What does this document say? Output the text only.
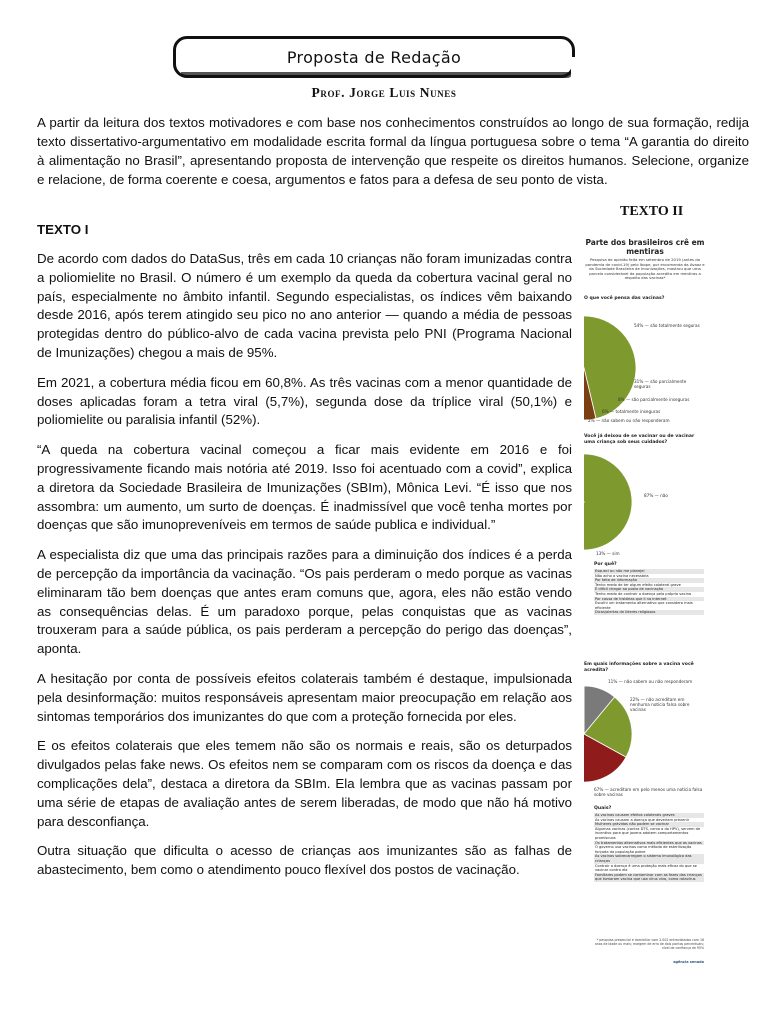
Proposta de Redação
Prof. Jorge Luis Nunes

A partir da leitura dos textos motivadores e com base nos conhecimentos construídos ao longo de sua formação, redija texto dissertativo-argumentativo em modalidade escrita formal da língua portuguesa sobre o tema “A garantia do direito à alimentação no Brasil”, apresentando proposta de intervenção que respeite os direitos humanos. Selecione, organize e relacione, de forma coerente e coesa, argumentos e fatos para a defesa de seu ponto de vista.

TEXTO I

De acordo com dados do DataSus, três em cada 10 crianças não foram imunizadas contra a poliomielite no Brasil. O número é um exemplo da queda da cobertura vacinal geral no país, especialmente no âmbito infantil. Segundo especialistas, os índices vêm baixando desde 2016, após terem atingido seu pico no ano anterior — quando a média de pessoas protegidas dentro do público-alvo de cada vacina prevista pelo PNI (Programa Nacional de Imunizações) chegou a mais de 95%.

Em 2021, a cobertura média ficou em 60,8%. As três vacinas com a menor quantidade de doses aplicadas foram a tetra viral (5,7%), segunda dose da tríplice viral (50,1%) e poliomielite ou paralisia infantil (52%).

“A queda na cobertura vacinal começou a ficar mais evidente em 2016 e foi progressivamente ficando mais notória até 2019. Isso foi acentuado com a covid”, explica a diretora da Sociedade Brasileira de Imunizações (SBIm), Mônica Levi. “É isso que nos assombra: um aumento, um surto de doenças. É inadmissível que você tenha mortes por doenças que são imunopreveníveis em termos de saúde publica e individual.”

A especialista diz que uma das principais razões para a diminuição dos índices é a perda de percepção da importância da vacinação. “Os pais perderam o medo porque as vacinas eliminaram tão bem doenças que antes eram comuns que, agora, eles não estão vendo as consequências delas. É um paradoxo porque, pelas conquistas que as vacinas trouxeram para a saúde pública, os pais perderam a percepção do perigo das doenças”, aponta.

A hesitação por conta de possíveis efeitos colaterais também é destaque, impulsionada pela desinformação: muitos responsáveis apresentam maior preocupação em relação aos sintomas temporários dos imunizantes do que com a proteção fornecida por eles.

E os efeitos colaterais que eles temem não são os normais e reais, são os deturpados divulgados pelas fake news. Os efeitos nem se comparam com os riscos da doença e das complicações dela”, destaca a diretora da SBIm. Ela lembra que as vacinas passam por uma série de etapas de avaliação antes de serem liberadas, de modo que não há motivo para desconfiança.

Outra situação que dificulta o acesso de crianças aos imunizantes são as falhas de abastecimento, bem como o atendimento pouco flexível dos postos de vacinação.

TEXTO II

Parte dos brasileiros crê em mentiras
Pesquisa de opinião feita em setembro de 2019 (antes da pandemia de covid-19) pelo Ibope, por encomenda da Avaaz e da Sociedade Brasileira de Imunizações, mostrou que uma parcela considerável da população acredita em mentiras a respeito das vacinas*
O que você pensa das vacinas?
54% — são totalmente seguras
31% — são parcialmente seguras
8% — são parcialmente inseguras
6% — totalmente inseguras
2% — não sabem ou não responderam
Você já deixou de se vacinar ou de vacinar uma criança sob seus cuidados?
87% — não
13% — sim
Por quê?
Esqueci ou não me planejei
Não acho a vacina necessária
Por falta de informação
Tenho medo de ter algum efeito colateral grave
É difícil chegar ao posto de vacinação
Tenho medo de contrair a doença pela própria vacina
Por causa de histórias que li na internet
Escolhi um tratamento alternativo que considero mais eficiente
Dicas/alertas de líderes religiosos
Em quais informações sobre a vacina você acredita?
11% — não sabem ou não responderam
22% — não acreditam em nenhuma notícia falsa sobre vacinas
67% — acreditam em pelo menos uma notícia falsa sobre vacinas
Quais?
As vacinas causam efeitos colaterais graves
As vacinas causam a doença que deveriam prevenir
Mulheres grávidas não podem se vacinar
Algumas vacinas (contra DTS, como a do HPV), servem de incentivo para que jovens adotem comportamentos promíscuos
Os tratamentos alternativos mais eficientes que as vacinas
O governo usa vacinas como método de esterilização forçada da população pobre
As vacinas sobrecarregam o sistema imunológico das crianças
Contrair a doença é uma proteção mais eficaz do que se vacinar contra ela
Familiares podem se contaminar com as fezes das crianças que tomaram vacina que usa vírus vivo, como rotavírus
* pesquisa presencial e domiciliar com 2.002 entrevistados com 16 anos de idade ou mais; margem de erro de dois pontos percentuais; nível de confiança de 95%
agência senado
